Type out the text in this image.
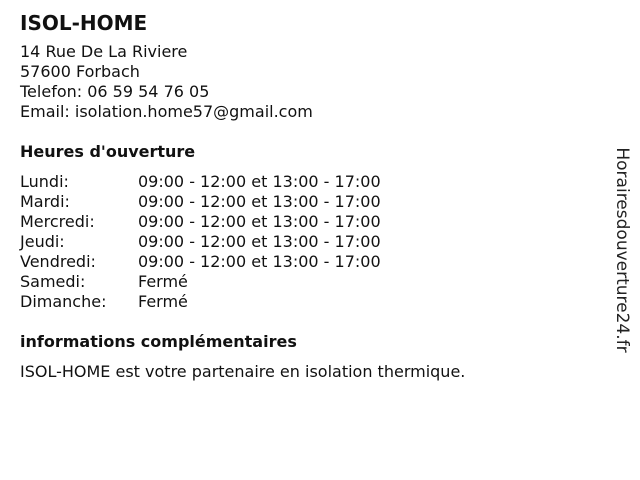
ISOL-HOME
14 Rue De La Riviere
57600 Forbach
Telefon: 06 59 54 76 05
Email: isolation.home57@gmail.com
Heures d'ouverture
Lundi:	09:00 - 12:00 et 13:00 - 17:00
Mardi:	09:00 - 12:00 et 13:00 - 17:00
Mercredi:	09:00 - 12:00 et 13:00 - 17:00
Jeudi:	09:00 - 12:00 et 13:00 - 17:00
Vendredi:	09:00 - 12:00 et 13:00 - 17:00
Samedi:	Fermé
Dimanche:	Fermé
informations complémentaires

ISOL-HOME est votre partenaire en isolation thermique.

Horairesdouverture24.fr
